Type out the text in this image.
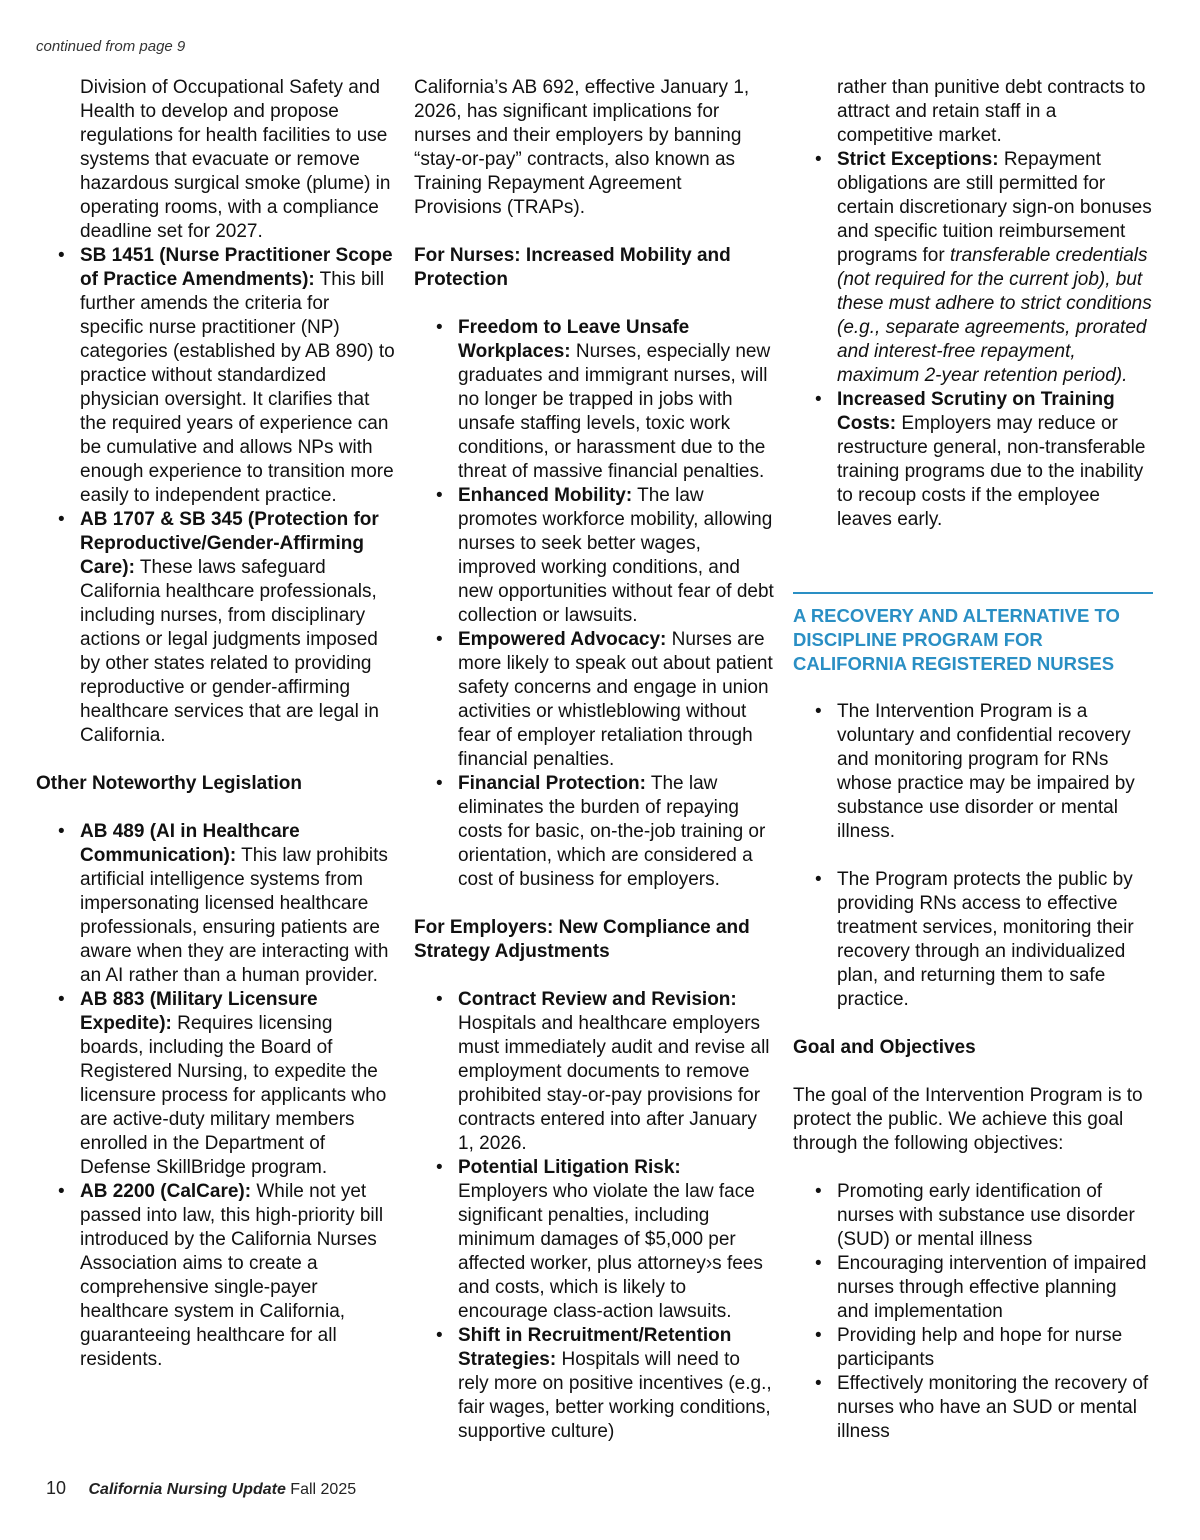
continued from page 9
Division of Occupational Safety and Health to develop and propose regulations for health facilities to use systems that evacuate or remove hazardous surgical smoke (plume) in operating rooms, with a compliance deadline set for 2027.
• SB 1451 (Nurse Practitioner Scope of Practice Amendments): This bill further amends the criteria for specific nurse practitioner (NP) categories (established by AB 890) to practice without standardized physician oversight. It clarifies that the required years of experience can be cumulative and allows NPs with enough experience to transition more easily to independent practice.
• AB 1707 & SB 345 (Protection for Reproductive/Gender-Affirming Care): These laws safeguard California healthcare professionals, including nurses, from disciplinary actions or legal judgments imposed by other states related to providing reproductive or gender-affirming healthcare services that are legal in California.

Other Noteworthy Legislation

• AB 489 (AI in Healthcare Communication): This law prohibits artificial intelligence systems from impersonating licensed healthcare professionals, ensuring patients are aware when they are interacting with an AI rather than a human provider.
• AB 883 (Military Licensure Expedite): Requires licensing boards, including the Board of Registered Nursing, to expedite the licensure process for applicants who are active-duty military members enrolled in the Department of Defense SkillBridge program.
• AB 2200 (CalCare): While not yet passed into law, this high-priority bill introduced by the California Nurses Association aims to create a comprehensive single-payer healthcare system in California, guaranteeing healthcare for all residents.

California’s AB 692, effective January 1, 2026, has significant implications for nurses and their employers by banning “stay-or-pay” contracts, also known as Training Repayment Agreement Provisions (TRAPs).

For Nurses: Increased Mobility and Protection

• Freedom to Leave Unsafe Workplaces: Nurses, especially new graduates and immigrant nurses, will no longer be trapped in jobs with unsafe staffing levels, toxic work conditions, or harassment due to the threat of massive financial penalties.
• Enhanced Mobility: The law promotes workforce mobility, allowing nurses to seek better wages, improved working conditions, and new opportunities without fear of debt collection or lawsuits.
• Empowered Advocacy: Nurses are more likely to speak out about patient safety concerns and engage in union activities or whistleblowing without fear of employer retaliation through financial penalties.
• Financial Protection: The law eliminates the burden of repaying costs for basic, on-the-job training or orientation, which are considered a cost of business for employers.

For Employers: New Compliance and Strategy Adjustments

• Contract Review and Revision: Hospitals and healthcare employers must immediately audit and revise all employment documents to remove prohibited stay-or-pay provisions for contracts entered into after January 1, 2026.
• Potential Litigation Risk: Employers who violate the law face significant penalties, including minimum damages of $5,000 per affected worker, plus attorney›s fees and costs, which is likely to encourage class-action lawsuits.
• Shift in Recruitment/Retention Strategies: Hospitals will need to rely more on positive incentives (e.g., fair wages, better working conditions, supportive culture)
rather than punitive debt contracts to attract and retain staff in a competitive market.
• Strict Exceptions: Repayment obligations are still permitted for certain discretionary sign-on bonuses and specific tuition reimbursement programs for transferable credentials (not required for the current job), but these must adhere to strict conditions (e.g., separate agreements, prorated and interest-free repayment, maximum 2-year retention period).
• Increased Scrutiny on Training Costs: Employers may reduce or restructure general, non-transferable training programs due to the inability to recoup costs if the employee leaves early.

A RECOVERY AND ALTERNATIVE TO DISCIPLINE PROGRAM FOR CALIFORNIA REGISTERED NURSES

• The Intervention Program is a voluntary and confidential recovery and monitoring program for RNs whose practice may be impaired by substance use disorder or mental illness.
• The Program protects the public by providing RNs access to effective treatment services, monitoring their recovery through an individualized plan, and returning them to safe practice.

Goal and Objectives

The goal of the Intervention Program is to protect the public. We achieve this goal through the following objectives:

• Promoting early identification of nurses with substance use disorder (SUD) or mental illness
• Encouraging intervention of impaired nurses through effective planning and implementation
• Providing help and hope for nurse participants
• Effectively monitoring the recovery of nurses who have an SUD or mental illness
10 California Nursing Update Fall 2025
